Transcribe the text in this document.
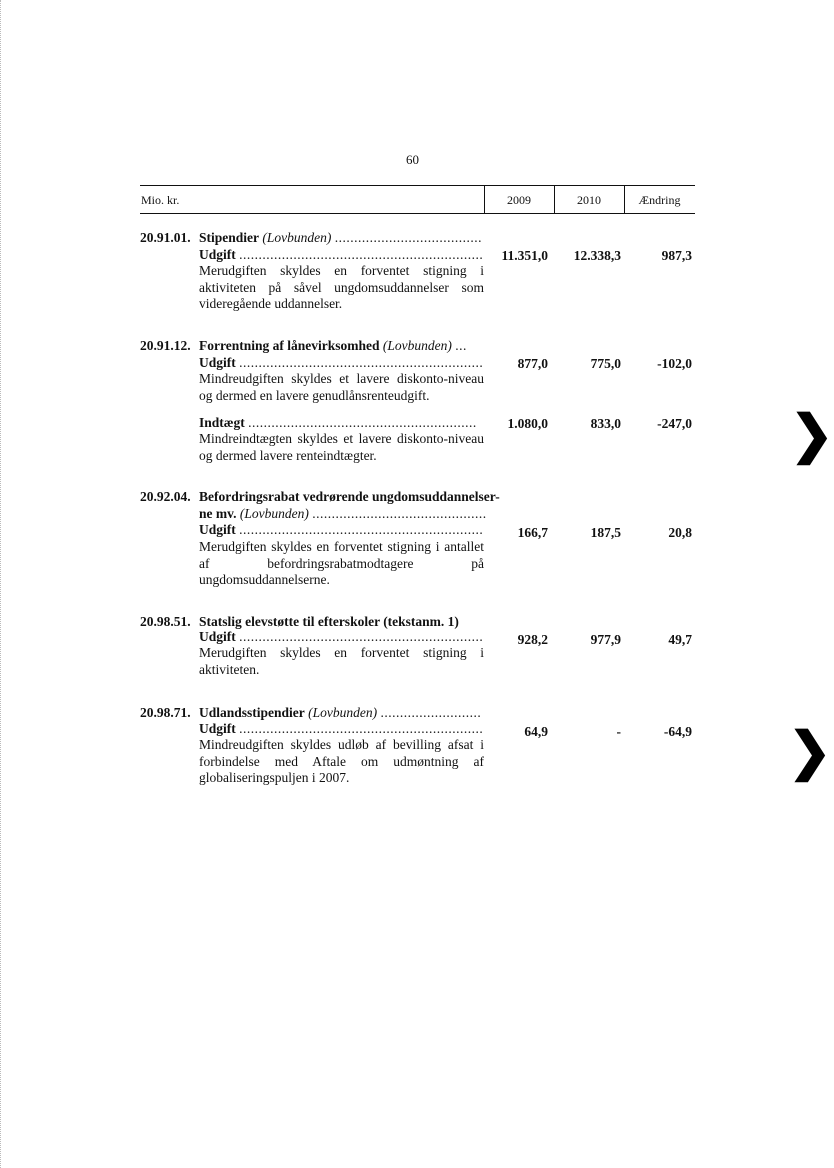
60
Mio. kr.	2009	2010	Ændring
20.91.01. Stipendier (Lovbunden) ......................................
Udgift ...............................................................	11.351,0	12.338,3	987,3
Merudgiften skyldes en forventet stigning i aktiviteten på såvel ungdomsuddannelser som videregående uddannelser.
20.91.12. Forrentning af lånevirksomhed (Lovbunden) ...
Udgift ...............................................................	877,0	775,0	-102,0
Mindreudgiften skyldes et lavere diskonto-niveau og dermed en lavere genudlånsrenteudgift.
Indtægt ...........................................................	1.080,0	833,0	-247,0
Mindreindtægten skyldes et lavere diskonto-niveau og dermed lavere renteindtægter.
20.92.04. Befordringsrabat vedrørende ungdomsuddannelser-
ne mv. (Lovbunden) .............................................
Udgift ...............................................................	166,7	187,5	20,8
Merudgiften skyldes en forventet stigning i antallet af befordringsrabatmodtagere på ungdomsuddannelserne.
20.98.51. Statslig elevstøtte til efterskoler (tekstanm. 1)
Udgift ...............................................................	928,2	977,9	49,7
Merudgiften skyldes en forventet stigning i aktiviteten.
20.98.71. Udlandsstipendier (Lovbunden) ..........................
Udgift ...............................................................	64,9	-	-64,9
Mindreudgiften skyldes udløb af bevilling afsat i forbindelse med Aftale om udmøntning af globaliseringspuljen i 2007.
❯
❯
